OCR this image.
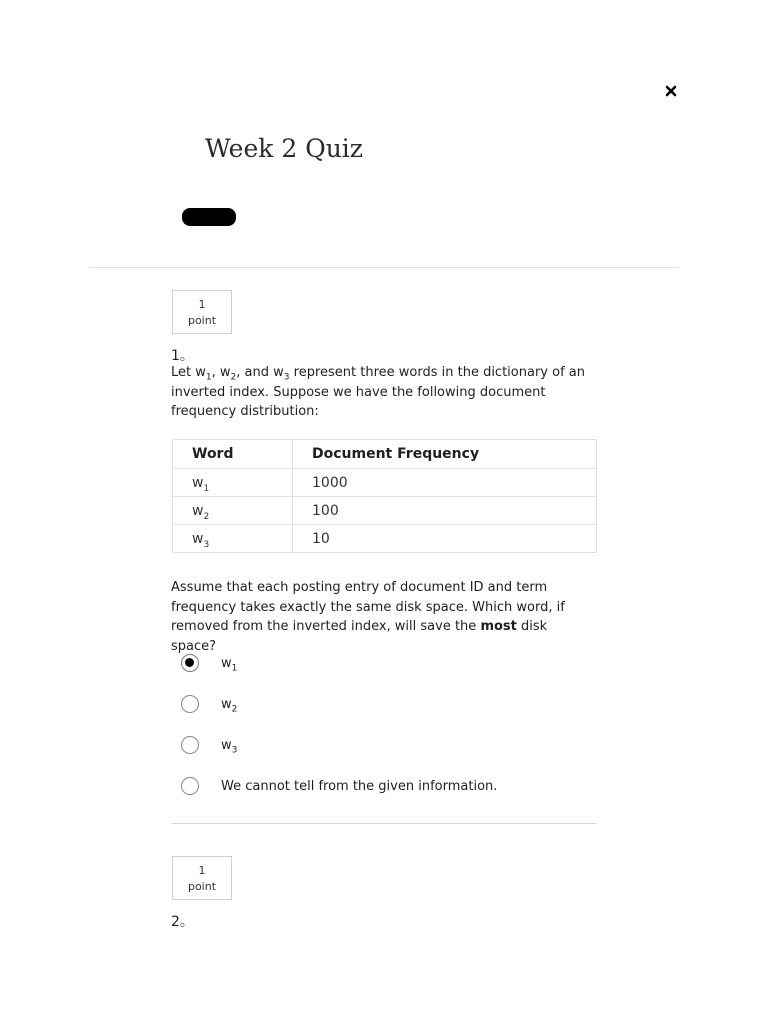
Week 2 Quiz
1
point
1。

Let $w_1$, $w_2$, and $w_3$ represent three words in the dictionary of an inverted index. Suppose we have the following document frequency distribution:

Word	Document Frequency
$w_1$	1000
$w_2$	100
$w_3$	10

Assume that each posting entry of document ID and term frequency takes exactly the same disk space. Which word, if removed from the inverted index, will save the most disk space?

$w_1$
$w_2$
$w_3$
We cannot tell from the given information.
1
point
2。
